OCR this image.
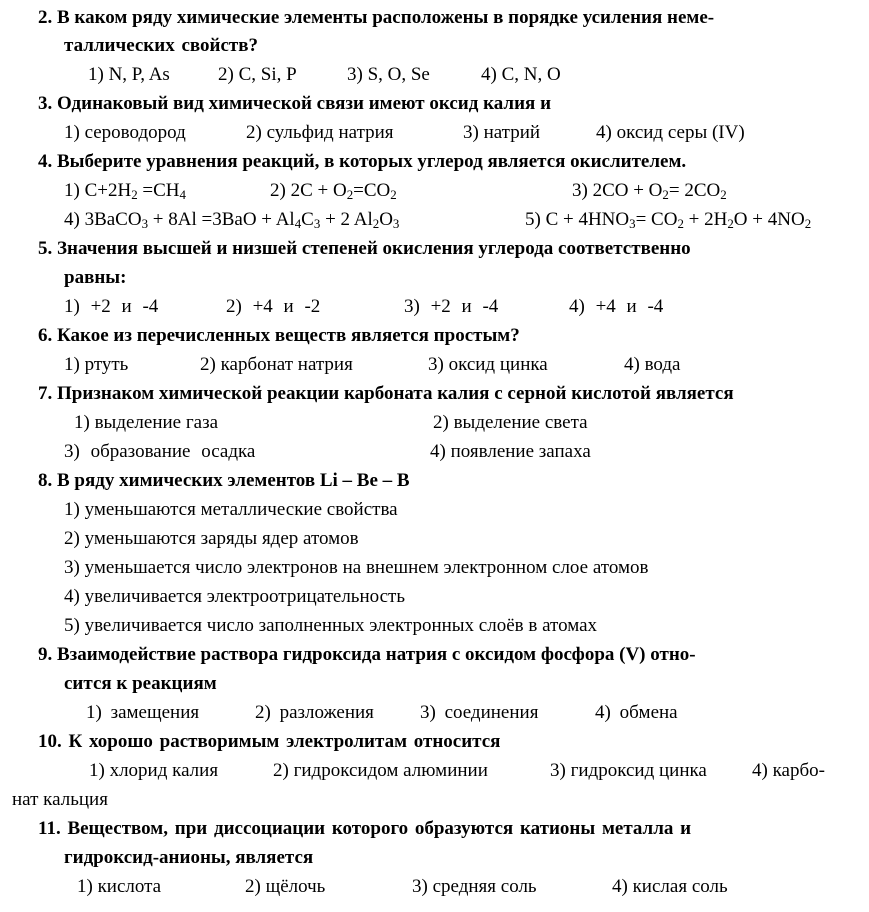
2. В каком ряду химические элементы расположены в порядке усиления неме-
таллических свойств?
1) N, P, As	2) C, Si, P	3) S, O, Se	4) C, N, O
3. Одинаковый вид химической связи имеют оксид калия и
1) сероводород	2) сульфид натрия	3) натрий	4) оксид серы (IV)
4. Выберите уравнения реакций, в которых углерод является окислителем.
1) $C+2H_2 =CH_4$	2) $2C + O_2=CO_2$	3) $2CO + O_2= 2CO_2$
4) 3BaCO$_3$ + $8Al =3BaO + Al_4C_3 + 2$ $Al_2O_3$	5) $C + 4HNO_3= CO_2 + 2H_2O + 4NO_2$
5. Значения высшей и низшей степеней окисления углерода соответственно
равны:
1) +2 и -4	2) +4 и -2	3) +2 и -4	4) +4 и -4
6. Какое из перечисленных веществ является простым?
1) ртуть	2) карбонат натрия	3) оксид цинка	4) вода
7. Признаком химической реакции карбоната калия с серной кислотой является
1) выделение газа	2) выделение света
3) образование осадка	4) появление запаха
8. В ряду химических элементов Li – Be – B
1) уменьшаются металлические свойства
2) уменьшаются заряды ядер атомов
3) уменьшается число электронов на внешнем электронном слое атомов
4) увеличивается электроотрицательность
5) увеличивается число заполненных электронных слоёв в атомах
9. Взаимодействие раствора гидроксида натрия с оксидом фосфора (V) отно-
сится к реакциям
1) замещения	2) разложения 3) соединения	4) обмена
10. К хорошо растворимым электролитам относится
1) хлорид калия	2) гидроксидом алюминии	3) гидроксид цинка 4) карбо-
нат кальция
11. Веществом, при диссоциации которого образуются катионы металла и
гидроксид-анионы, является
1) кислота	2) щёлочь	3) средняя соль	4) кислая соль
